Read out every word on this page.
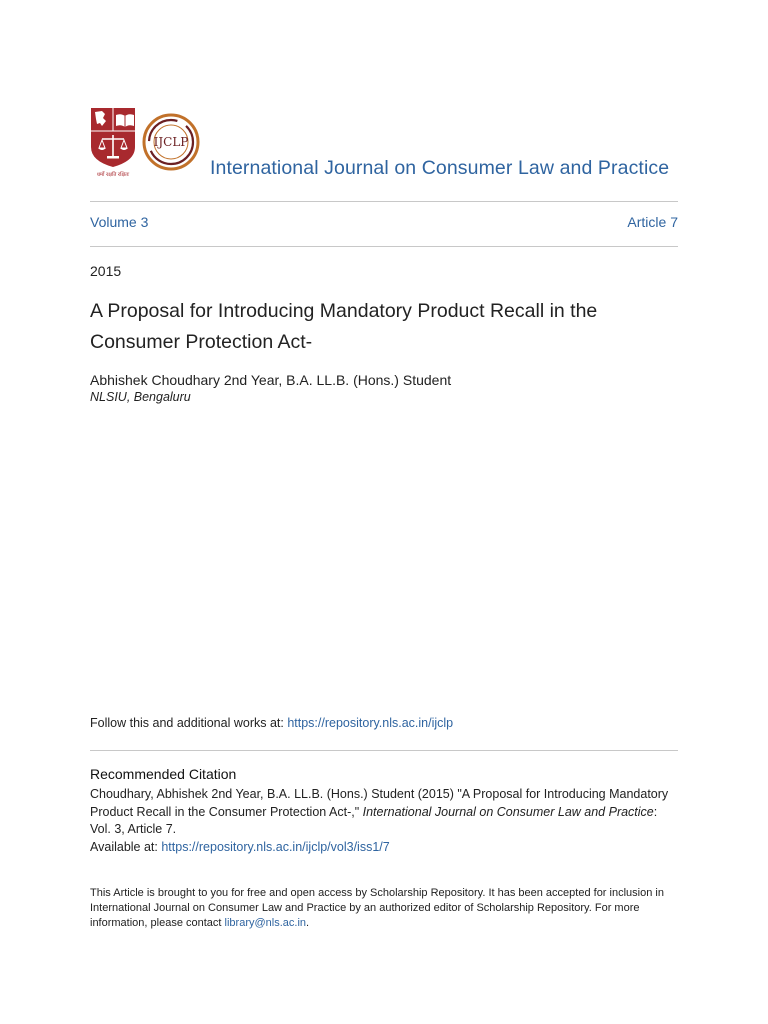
धर्मो रक्षति रक्षितः
IJCLP
International Journal on Consumer Law and Practice
Volume 3	Article 7
2015
A Proposal for Introducing Mandatory Product Recall in the Consumer Protection Act-
Abhishek Choudhary 2nd Year, B.A. LL.B. (Hons.) Student
NLSIU, Bengaluru
Follow this and additional works at: https://repository.nls.ac.in/ijclp
Recommended Citation
Choudhary, Abhishek 2nd Year, B.A. LL.B. (Hons.) Student (2015) "A Proposal for Introducing Mandatory Product Recall in the Consumer Protection Act-," International Journal on Consumer Law and Practice: Vol. 3, Article 7.
Available at: https://repository.nls.ac.in/ijclp/vol3/iss1/7
This Article is brought to you for free and open access by Scholarship Repository. It has been accepted for inclusion in International Journal on Consumer Law and Practice by an authorized editor of Scholarship Repository. For more information, please contact library@nls.ac.in.
